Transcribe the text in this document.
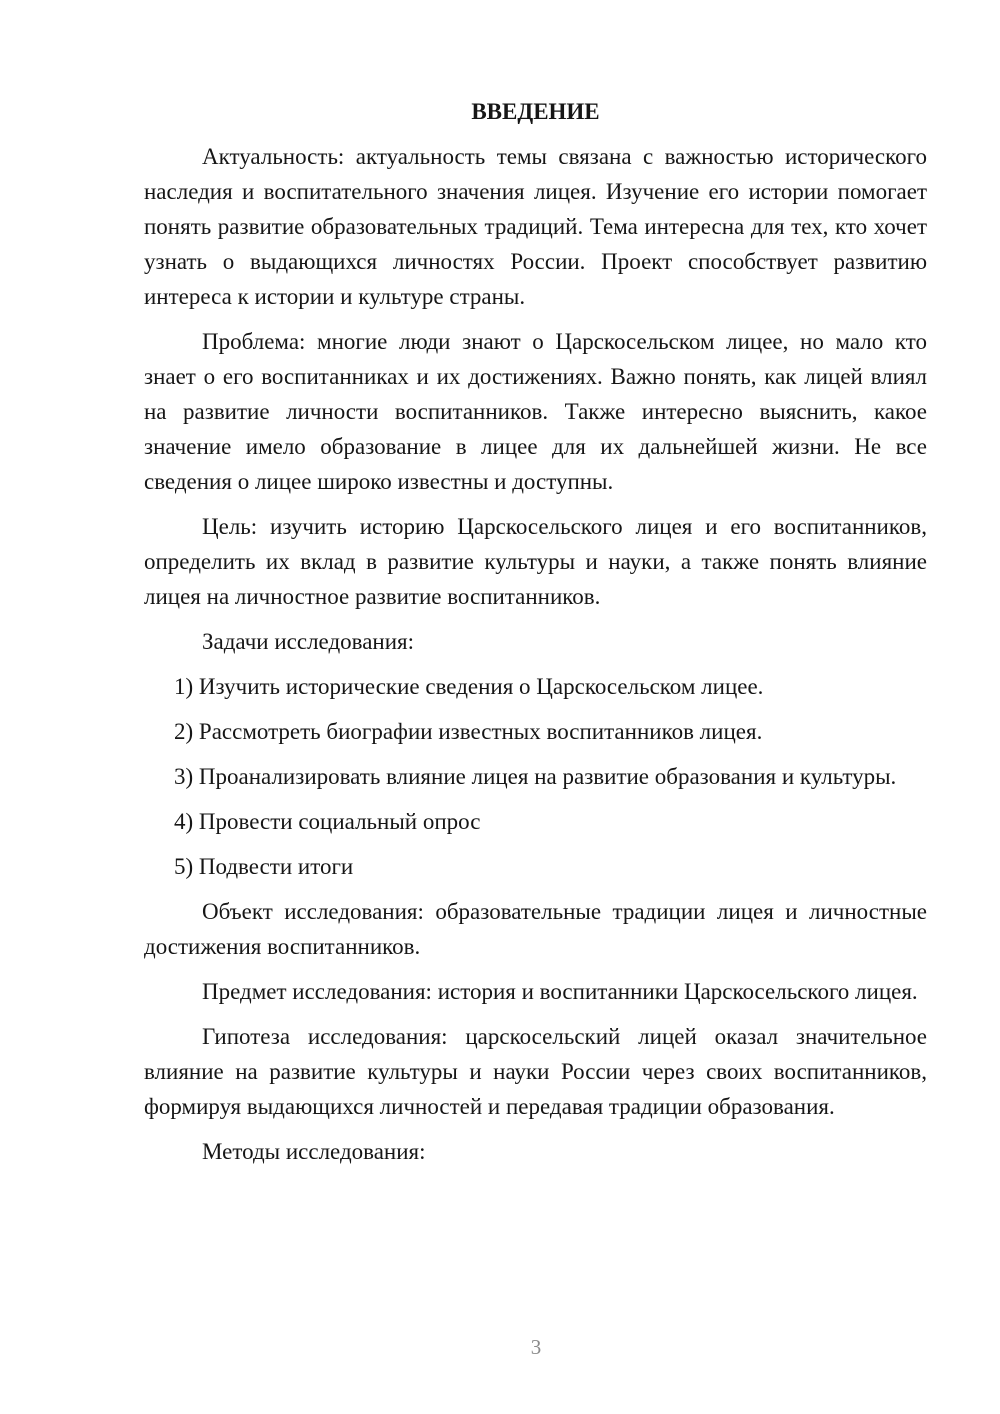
ВВЕДЕНИЕ

Актуальность: актуальность темы связана с важностью исторического наследия и воспитательного значения лицея. Изучение его истории помогает понять развитие образовательных традиций. Тема интересна для тех, кто хочет узнать о выдающихся личностях России. Проект способствует развитию интереса к истории и культуре страны.

Проблема: многие люди знают о Царскосельском лицее, но мало кто знает о его воспитанниках и их достижениях. Важно понять, как лицей влиял на развитие личности воспитанников. Также интересно выяснить, какое значение имело образование в лицее для их дальнейшей жизни. Не все сведения о лицее широко известны и доступны.

Цель: изучить историю Царскосельского лицея и его воспитанников, определить их вклад в развитие культуры и науки, а также понять влияние лицея на личностное развитие воспитанников.

Задачи исследования:

1) Изучить исторические сведения о Царскосельском лицее.

2) Рассмотреть биографии известных воспитанников лицея.

3) Проанализировать влияние лицея на развитие образования и культуры.

4) Провести социальный опрос

5) Подвести итоги

Объект исследования: образовательные традиции лицея и личностные достижения воспитанников.

Предмет исследования: история и воспитанники Царскосельского лицея.

Гипотеза исследования: царскосельский лицей оказал значительное влияние на развитие культуры и науки России через своих воспитанников, формируя выдающихся личностей и передавая традиции образования.

Методы исследования:

3
